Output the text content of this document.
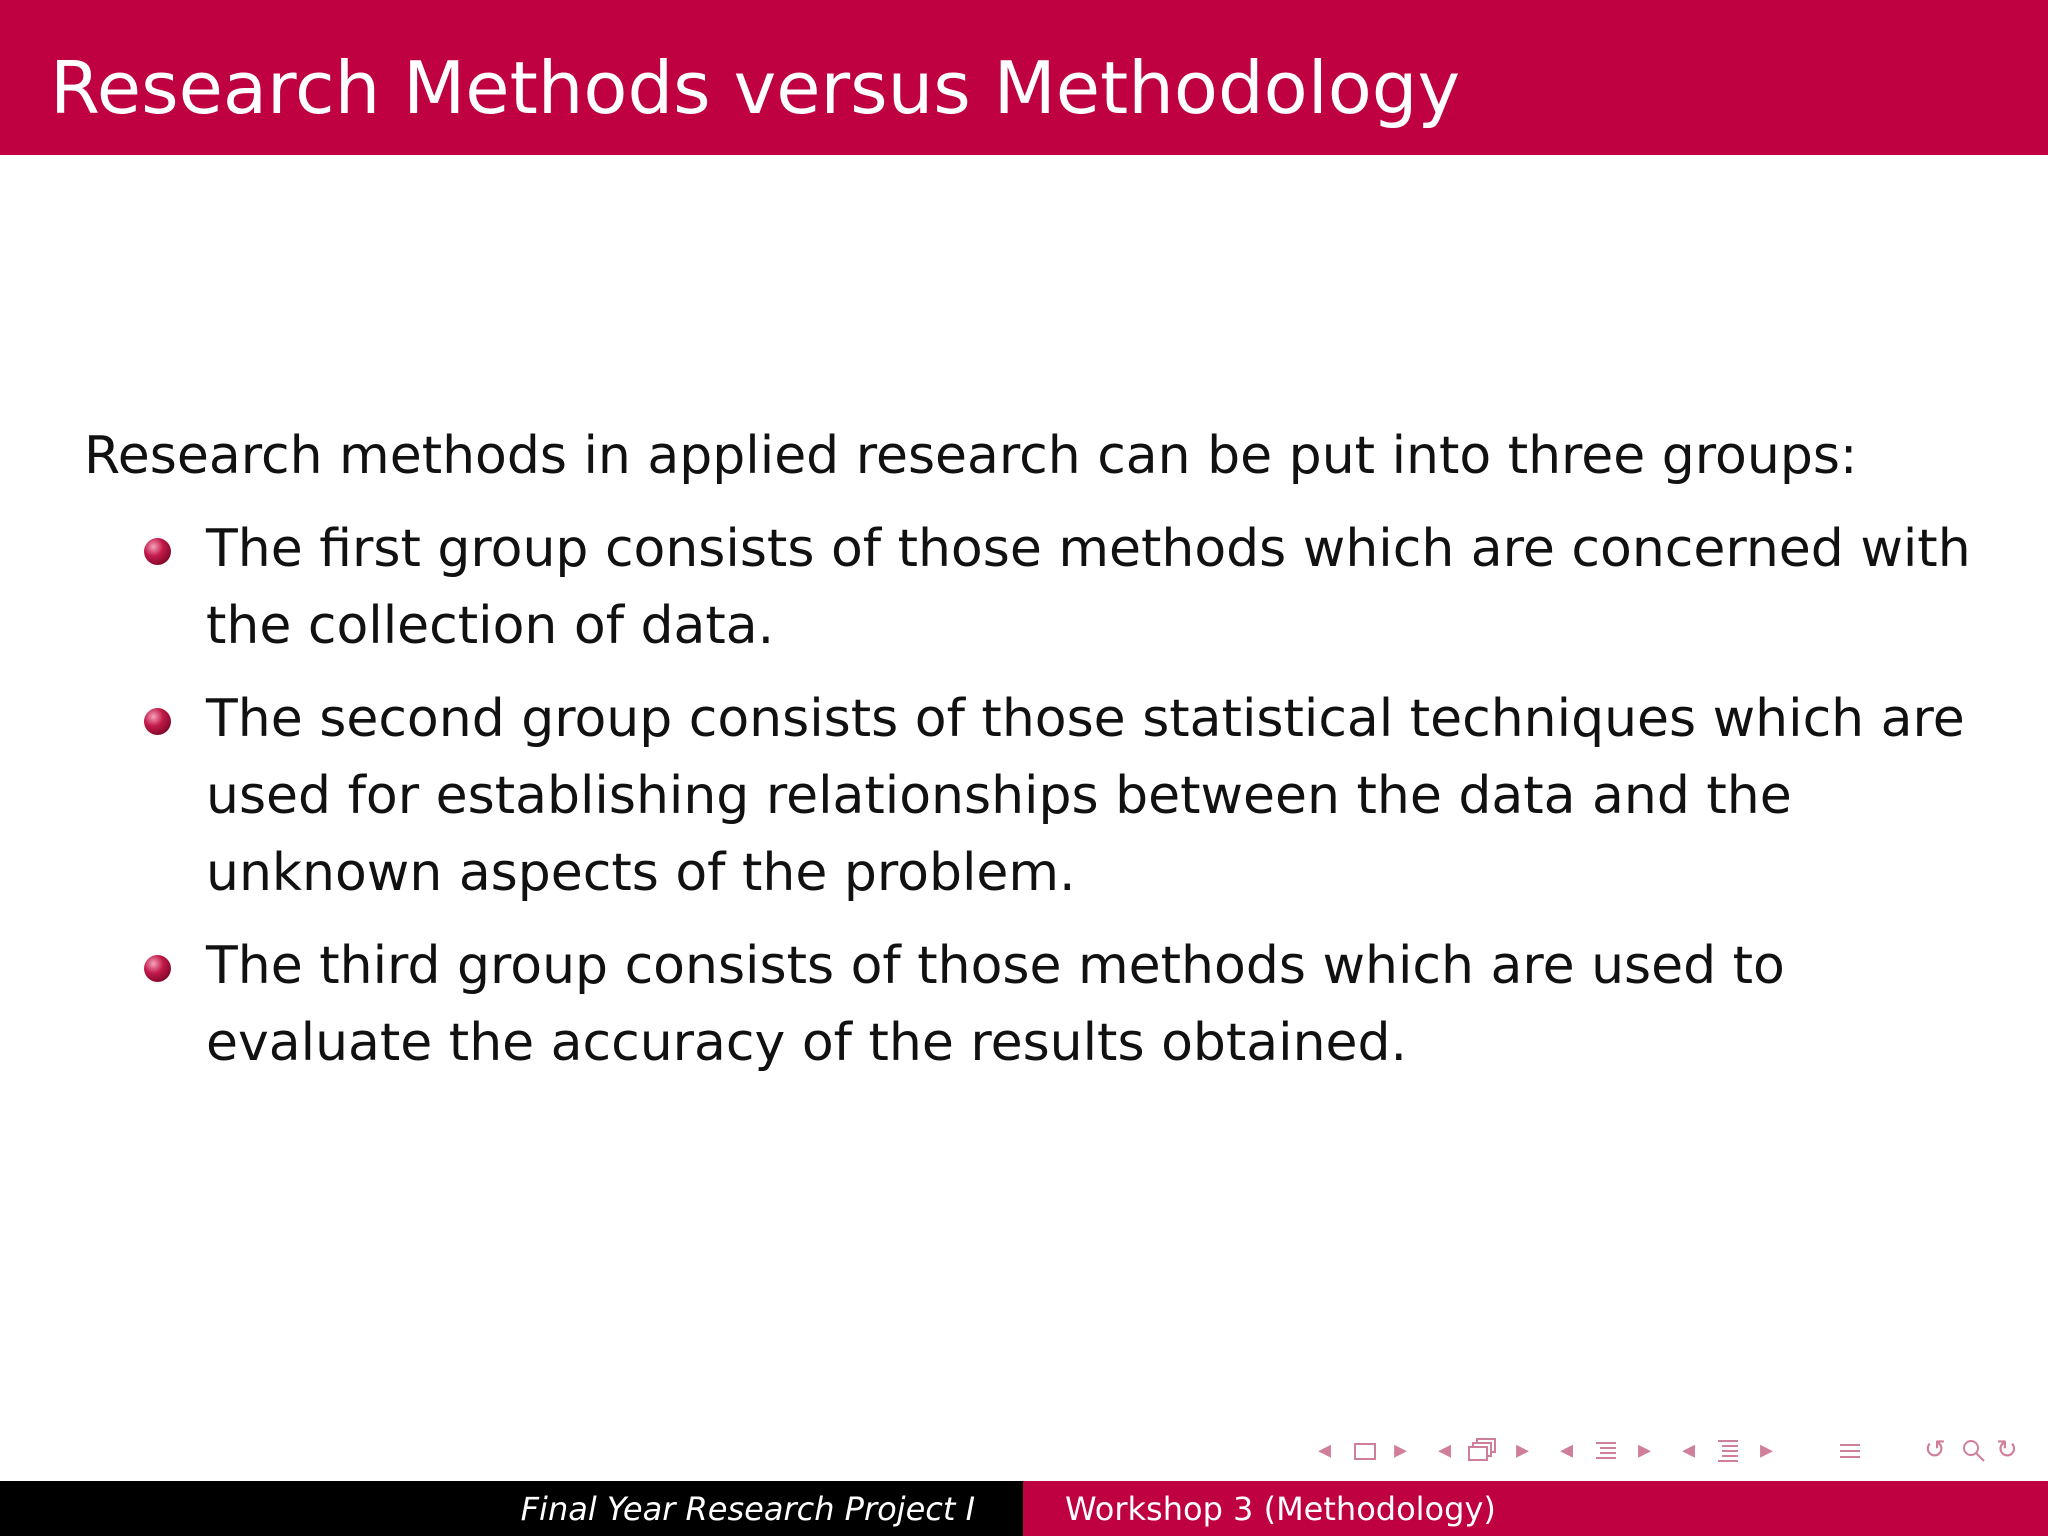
Research Methods versus Methodology
Research methods in applied research can be put into three groups:
The first group consists of those methods which are concerned with the collection of data.
The second group consists of those statistical techniques which are used for establishing relationships between the data and the unknown aspects of the problem.
The third group consists of those methods which are used to evaluate the accuracy of the results obtained.
◂ ▸ ◂ ▸ ◂ ▸ ◂ ▸	↺ ↻
Final Year Research Project I	Workshop 3 (Methodology)
